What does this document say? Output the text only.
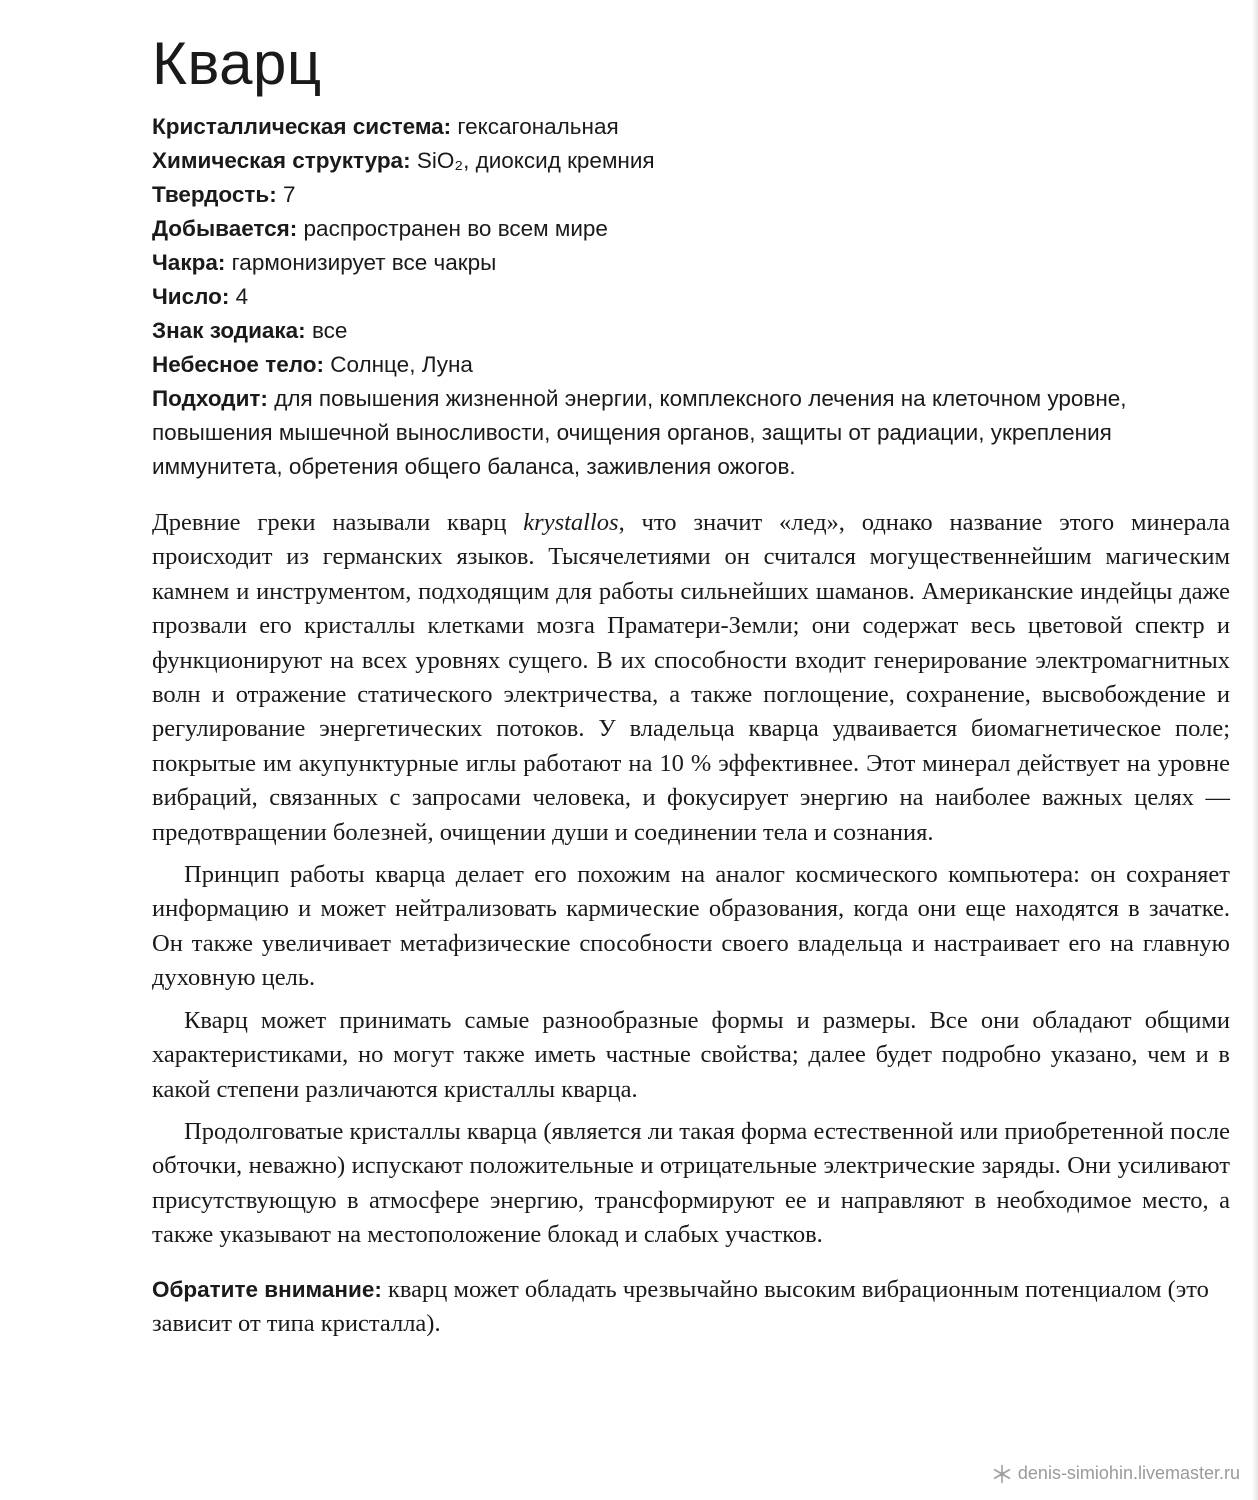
Кварц
Кристаллическая система: гексагональная
Химическая структура: SiO₂, диоксид кремния
Твердость: 7
Добывается: распространен во всем мире
Чакра: гармонизирует все чакры
Число: 4
Знак зодиака: все
Небесное тело: Солнце, Луна
Подходит: для повышения жизненной энергии, комплексного лечения на клеточном уровне, повышения мышечной выносливости, очищения органов, защиты от радиации, укрепления иммунитета, обретения общего баланса, заживления ожогов.

Древние греки называли кварц krystallos, что значит «лед», однако название этого минерала происходит из германских языков. Тысячелетиями он считался могущественнейшим магическим камнем и инструментом, подходящим для работы сильнейших шаманов. Американские индейцы даже прозвали его кристаллы клетками мозга Праматери-Земли; они содержат весь цветовой спектр и функционируют на всех уровнях сущего. В их способности входит генерирование электромагнитных волн и отражение статического электричества, а также поглощение, сохранение, высвобождение и регулирование энергетических потоков. У владельца кварца удваивается биомагнетическое поле; покрытые им акупунктурные иглы работают на 10 % эффективнее. Этот минерал действует на уровне вибраций, связанных с запросами человека, и фокусирует энергию на наиболее важных целях — предотвращении болезней, очищении души и соединении тела и сознания.

Принцип работы кварца делает его похожим на аналог космического компьютера: он сохраняет информацию и может нейтрализовать кармические образования, когда они еще находятся в зачатке. Он также увеличивает метафизические способности своего владельца и настраивает его на главную духовную цель.

Кварц может принимать самые разнообразные формы и размеры. Все они обладают общими характеристиками, но могут также иметь частные свойства; далее будет подробно указано, чем и в какой степени различаются кристаллы кварца.

Продолговатые кристаллы кварца (является ли такая форма естественной или приобретенной после обточки, неважно) испускают положительные и отрицательные электрические заряды. Они усиливают присутствующую в атмосфере энергию, трансформируют ее и направляют в необходимое место, а также указывают на местоположение блокад и слабых участков.

Обратите внимание: кварц может обладать чрезвычайно высоким вибрационным потенциалом (это зависит от типа кристалла).
denis-simiohin.livemaster.ru
